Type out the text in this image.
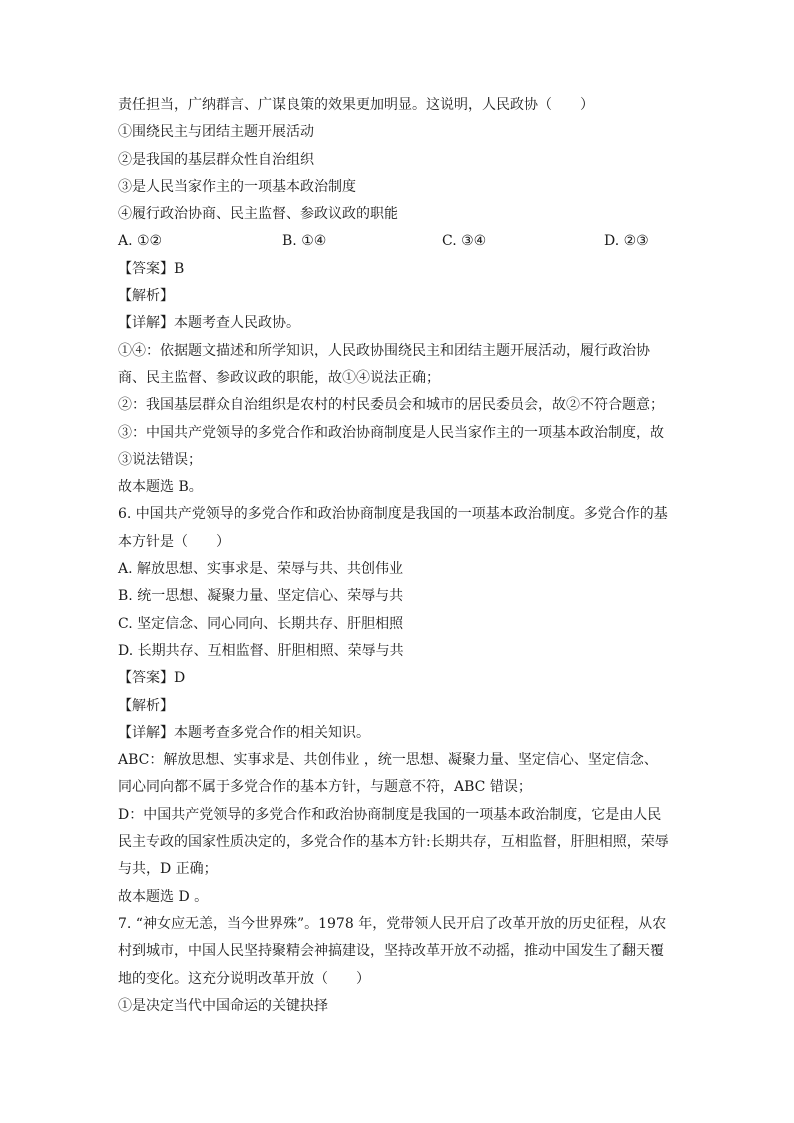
责任担当，广纳群言、广谋良策的效果更加明显。这说明，人民政协（　　）
①围绕民主与团结主题开展活动
②是我国的基层群众性自治组织
③是人民当家作主的一项基本政治制度
④履行政治协商、民主监督、参政议政的职能
A. ①②	B. ①④	C. ③④	D. ②③
【答案】B
【解析】
【详解】本题考查人民政协。
①④：依据题文描述和所学知识，人民政协围绕民主和团结主题开展活动，履行政治协
商、民主监督、参政议政的职能，故①④说法正确；
②：我国基层群众自治组织是农村的村民委员会和城市的居民委员会，故②不符合题意；
③：中国共产党领导的多党合作和政治协商制度是人民当家作主的一项基本政治制度，故
③说法错误；
故本题选 B。
6. 中国共产党领导的多党合作和政治协商制度是我国的一项基本政治制度。多党合作的基
本方针是（　　）
A. 解放思想、实事求是、荣辱与共、共创伟业
B. 统一思想、凝聚力量、坚定信心、荣辱与共
C. 坚定信念、同心同向、长期共存、肝胆相照
D. 长期共存、互相监督、肝胆相照、荣辱与共
【答案】D
【解析】
【详解】本题考查多党合作的相关知识。
ABC：解放思想、实事求是、共创伟业 ，统一思想、凝聚力量、坚定信心、坚定信念、
同心同向都不属于多党合作的基本方针，与题意不符，ABC 错误；
D：中国共产党领导的多党合作和政治协商制度是我国的一项基本政治制度，它是由人民
民主专政的国家性质决定的，多党合作的基本方针:长期共存，互相监督，肝胆相照，荣辱
与共，D 正确；
故本题选 D 。
7. “神女应无恙，当今世界殊”。1978 年，党带领人民开启了改革开放的历史征程，从农
村到城市，中国人民坚持聚精会神搞建设，坚持改革开放不动摇，推动中国发生了翻天覆
地的变化。这充分说明改革开放（　　）
①是决定当代中国命运的关键抉择
